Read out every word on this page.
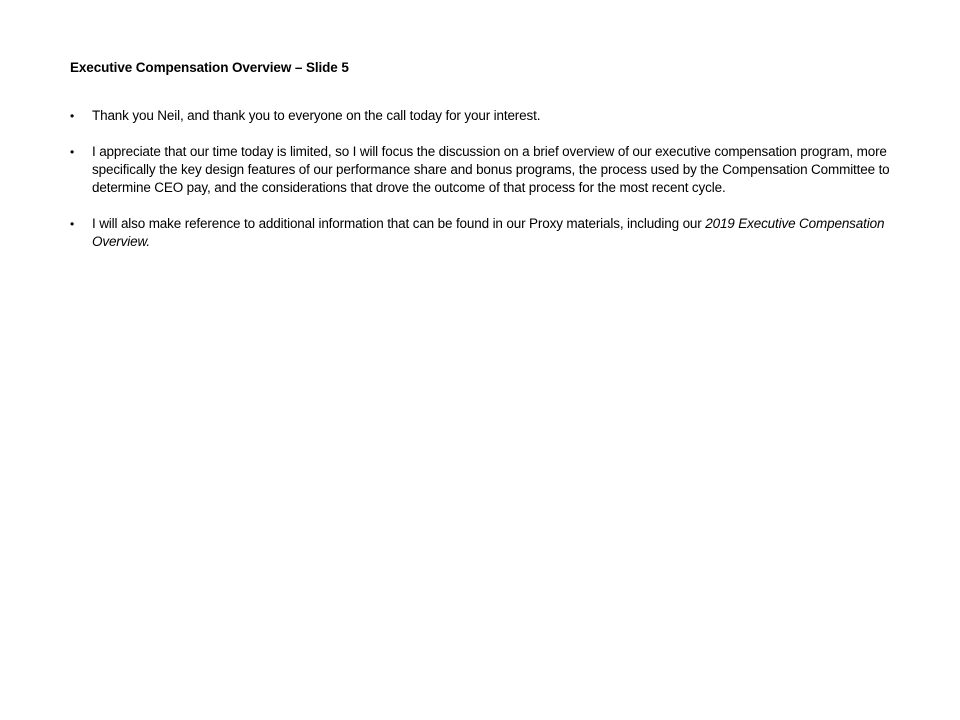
Executive Compensation Overview – Slide 5

•	Thank you Neil, and thank you to everyone on the call today for your interest.
•	I appreciate that our time today is limited, so I will focus the discussion on a brief overview of our executive compensation program, more specifically the key design features of our performance share and bonus programs, the process used by the Compensation Committee to determine CEO pay, and the considerations that drove the outcome of that process for the most recent cycle.
•	I will also make reference to additional information that can be found in our Proxy materials, including our 2019 Executive Compensation Overview.
